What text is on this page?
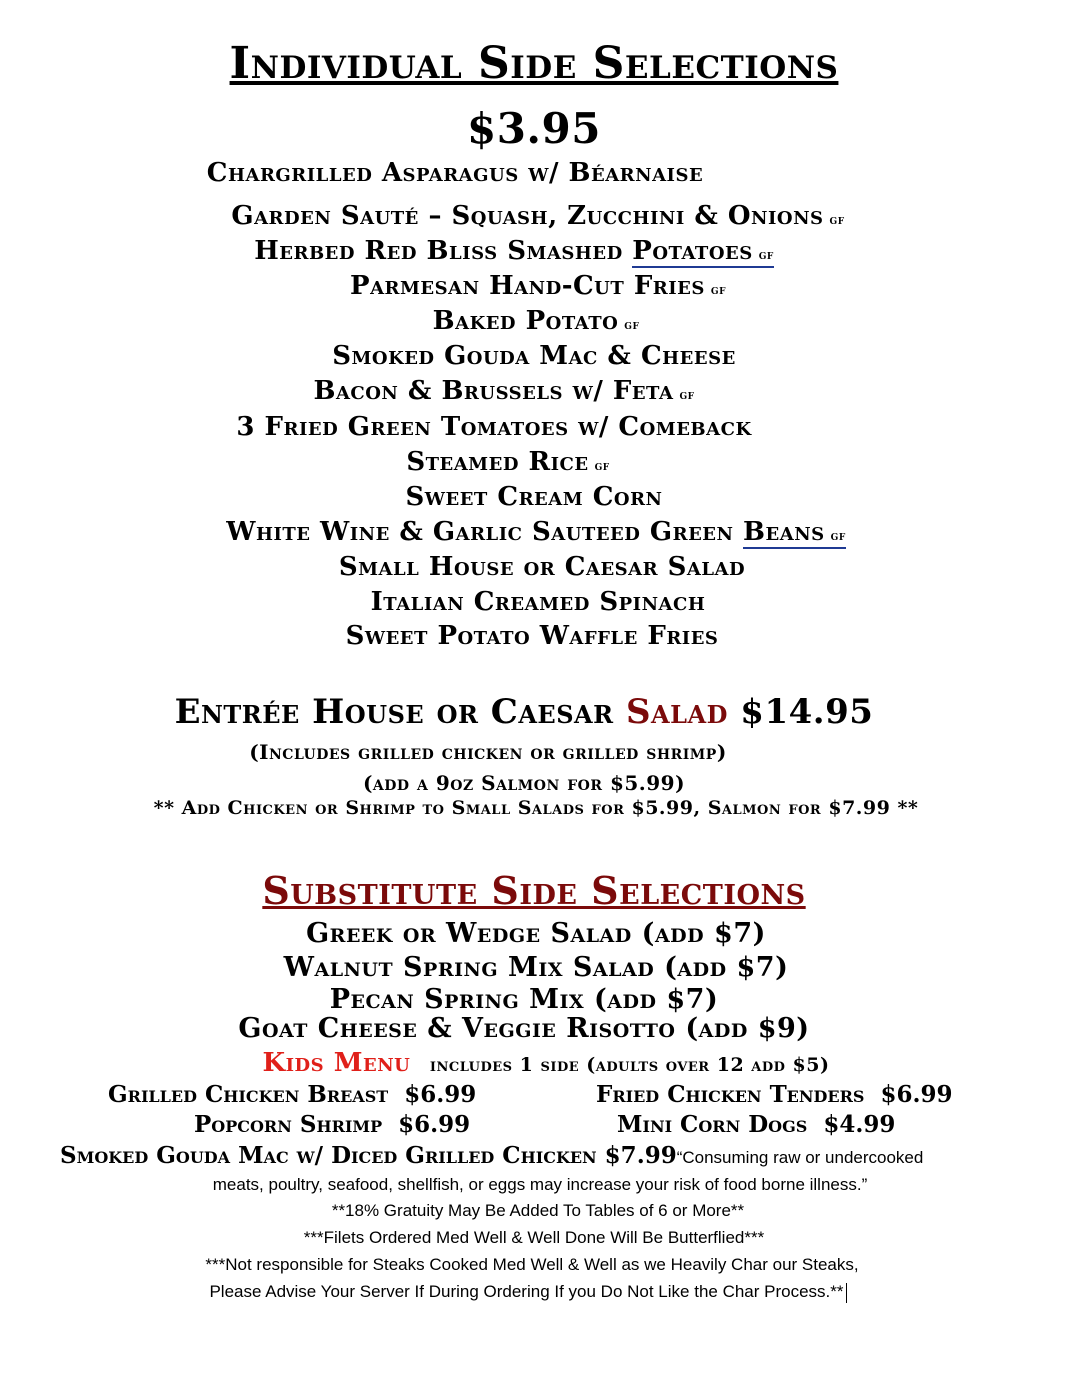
Individual Side Selections
$3.95
Chargrilled Asparagus w/ Béarnaise
Garden Sauté – Squash, Zucchini & Onions gf
Herbed Red Bliss Smashed Potatoes gf
Parmesan Hand-Cut Fries gf
Baked Potato gf
Smoked Gouda Mac & Cheese
Bacon & Brussels w/ Feta gf
3 Fried Green Tomatoes w/ Comeback
Steamed Rice gf
Sweet Cream Corn
White Wine & Garlic Sauteed Green Beans gf
Small House or Caesar Salad
Italian Creamed Spinach
Sweet Potato Waffle Fries
Entrée House or Caesar Salad $14.95
(Includes grilled chicken or grilled shrimp)
(add a 9oz Salmon for $5.99)
** Add Chicken or Shrimp to Small Salads for $5.99, Salmon for $7.99 **
Substitute Side Selections
Greek or Wedge Salad (add $7)
Walnut Spring Mix Salad (add $7)
Pecan Spring Mix (add $7)
Goat Cheese & Veggie Risotto (add $9)
Kids Menu includes 1 side (adults over 12 add $5)
Grilled Chicken Breast $6.99	Fried Chicken Tenders $6.99
Popcorn Shrimp $6.99	Mini Corn Dogs $4.99
Smoked Gouda Mac w/ Diced Grilled Chicken $7.99“Consuming raw or undercooked
meats, poultry, seafood, shellfish, or eggs may increase your risk of food borne illness.”
**18% Gratuity May Be Added To Tables of 6 or More**
***Filets Ordered Med Well & Well Done Will Be Butterflied***
***Not responsible for Steaks Cooked Med Well & Well as we Heavily Char our Steaks,
Please Advise Your Server If During Ordering If you Do Not Like the Char Process.**
